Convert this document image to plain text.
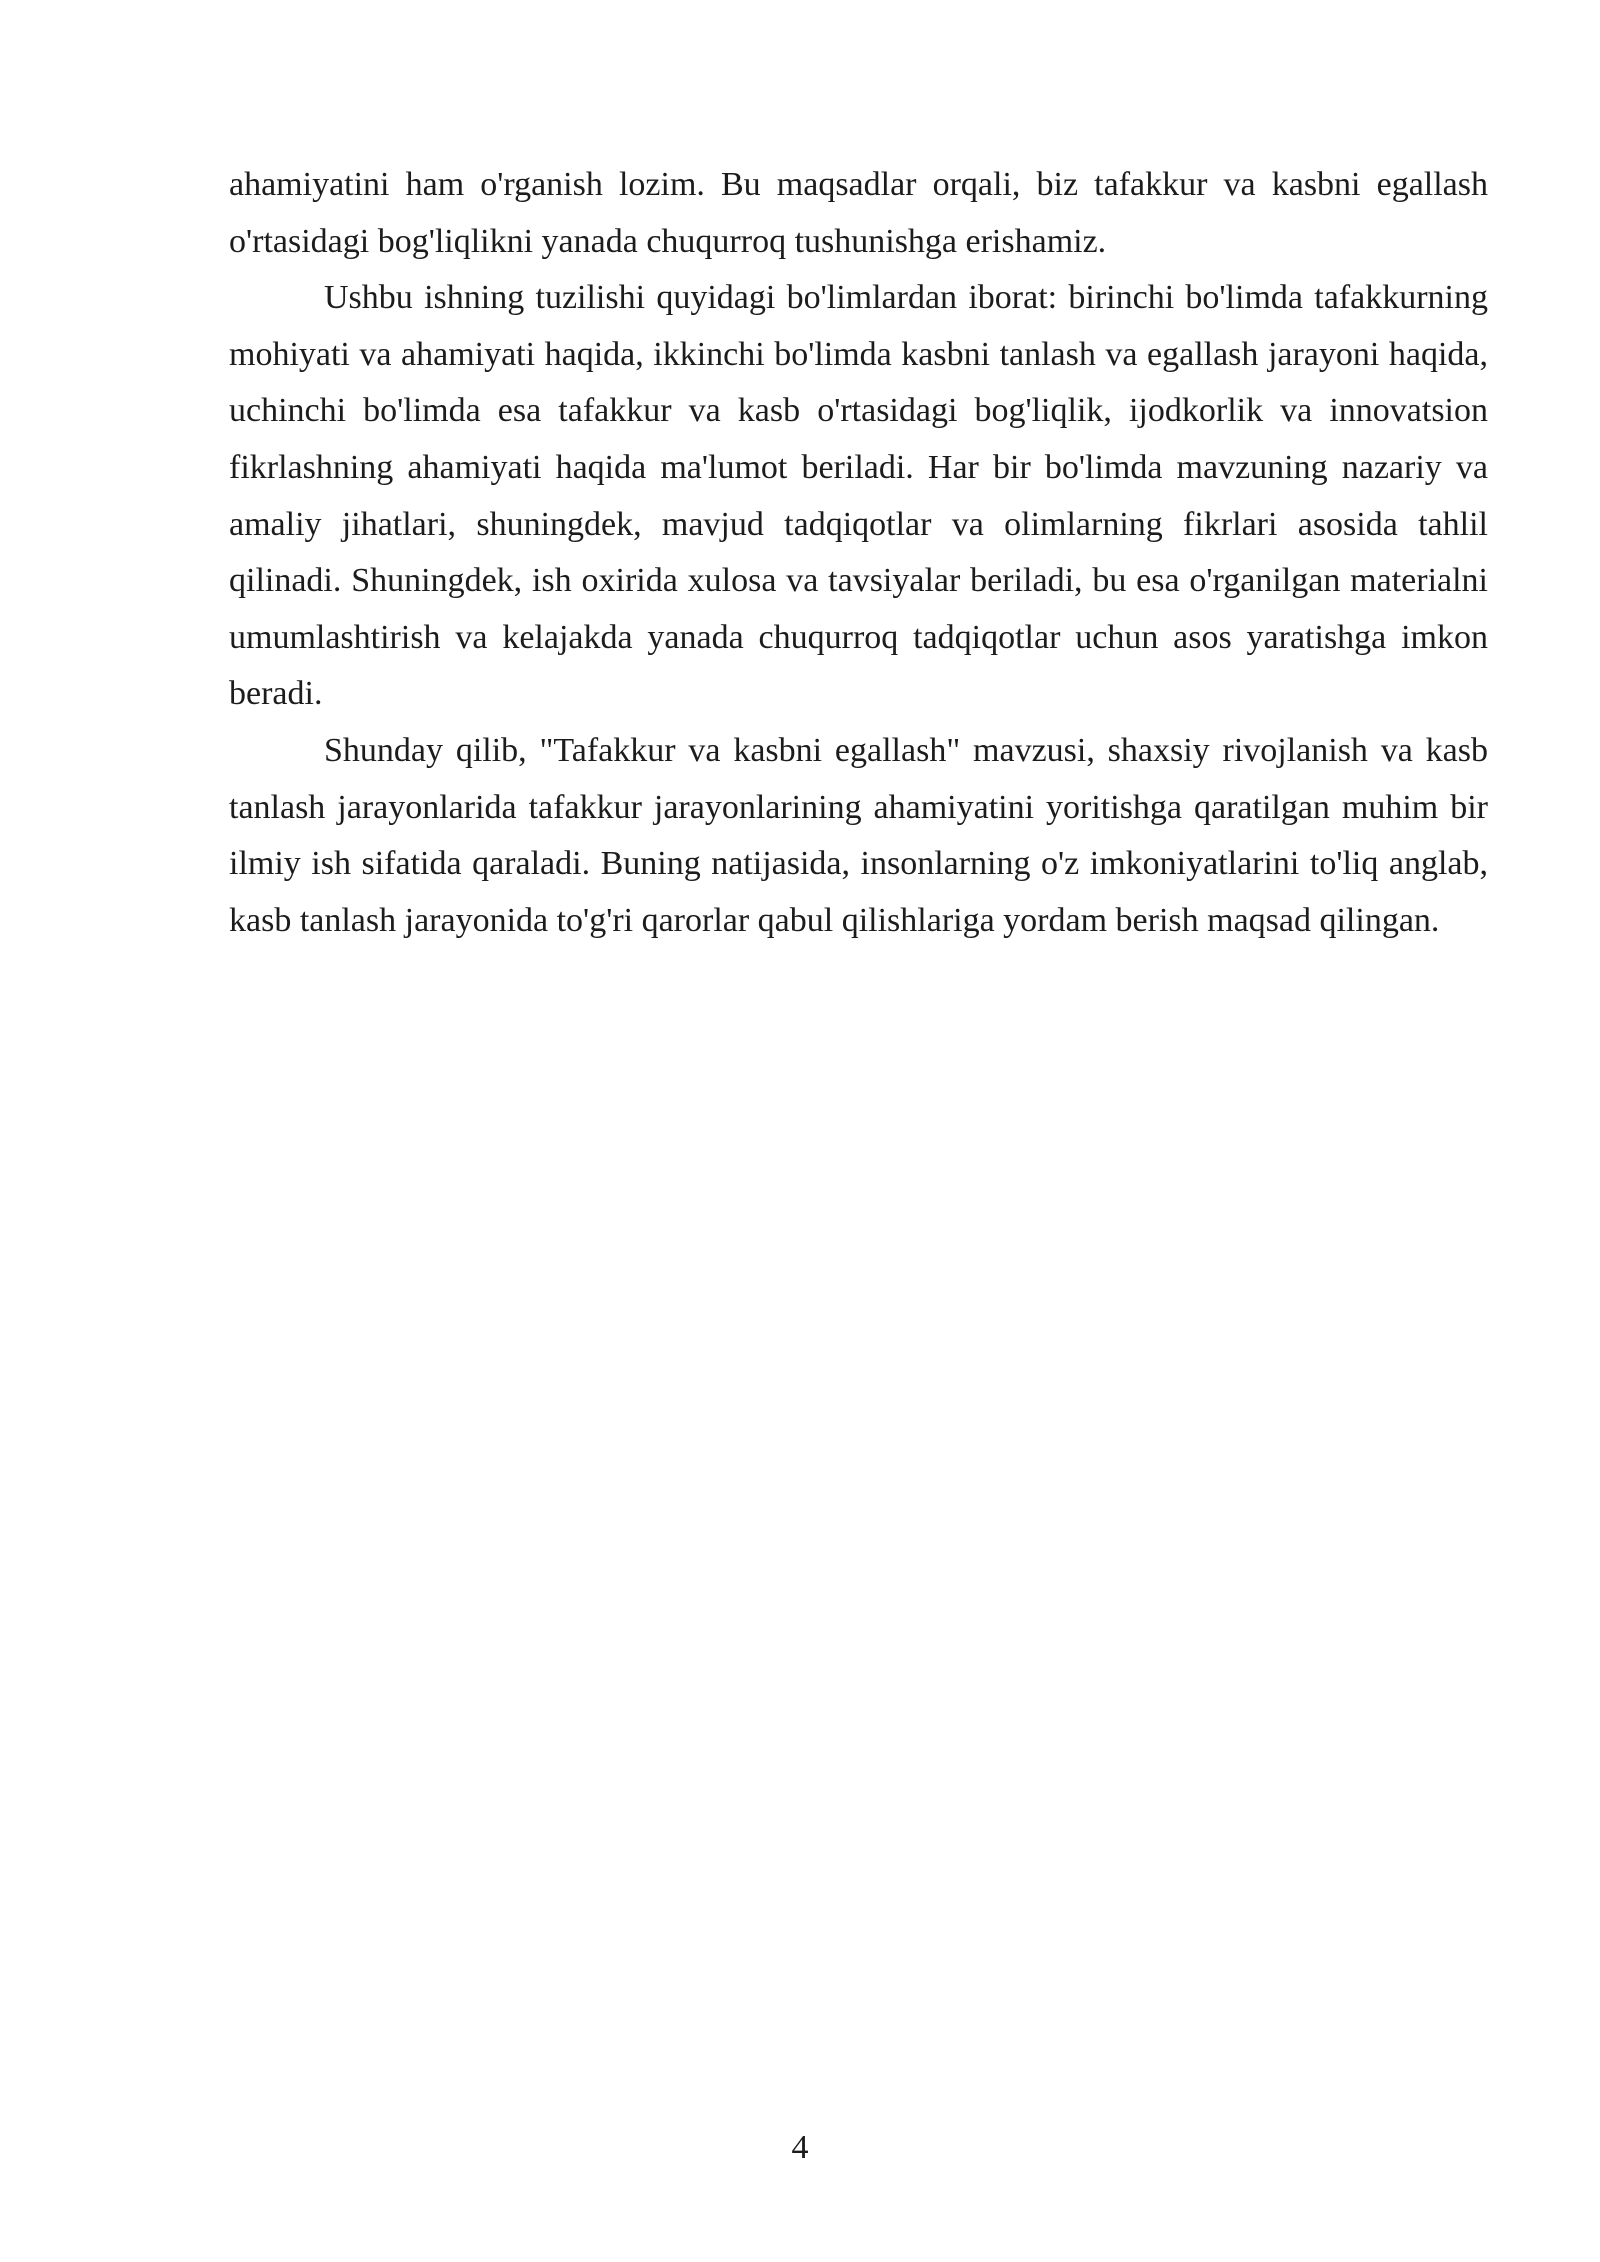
ahamiyatini ham o'rganish lozim. Bu maqsadlar orqali, biz tafakkur va kasbni egallash o'rtasidagi bog'liqlikni yanada chuqurroq tushunishga erishamiz.

Ushbu ishning tuzilishi quyidagi bo'limlardan iborat: birinchi bo'limda tafakkurning mohiyati va ahamiyati haqida, ikkinchi bo'limda kasbni tanlash va egallash jarayoni haqida, uchinchi bo'limda esa tafakkur va kasb o'rtasidagi bog'liqlik, ijodkorlik va innovatsion fikrlashning ahamiyati haqida ma'lumot beriladi. Har bir bo'limda mavzuning nazariy va amaliy jihatlari, shuningdek, mavjud tadqiqotlar va olimlarning fikrlari asosida tahlil qilinadi. Shuningdek, ish oxirida xulosa va tavsiyalar beriladi, bu esa o'rganilgan materialni umumlashtirish va kelajakda yanada chuqurroq tadqiqotlar uchun asos yaratishga imkon beradi.

Shunday qilib, "Tafakkur va kasbni egallash" mavzusi, shaxsiy rivojlanish va kasb tanlash jarayonlarida tafakkur jarayonlarining ahamiyatini yoritishga qaratilgan muhim bir ilmiy ish sifatida qaraladi. Buning natijasida, insonlarning o'z imkoniyatlarini to'liq anglab, kasb tanlash jarayonida to'g'ri qarorlar qabul qilishlariga yordam berish maqsad qilingan.

4
